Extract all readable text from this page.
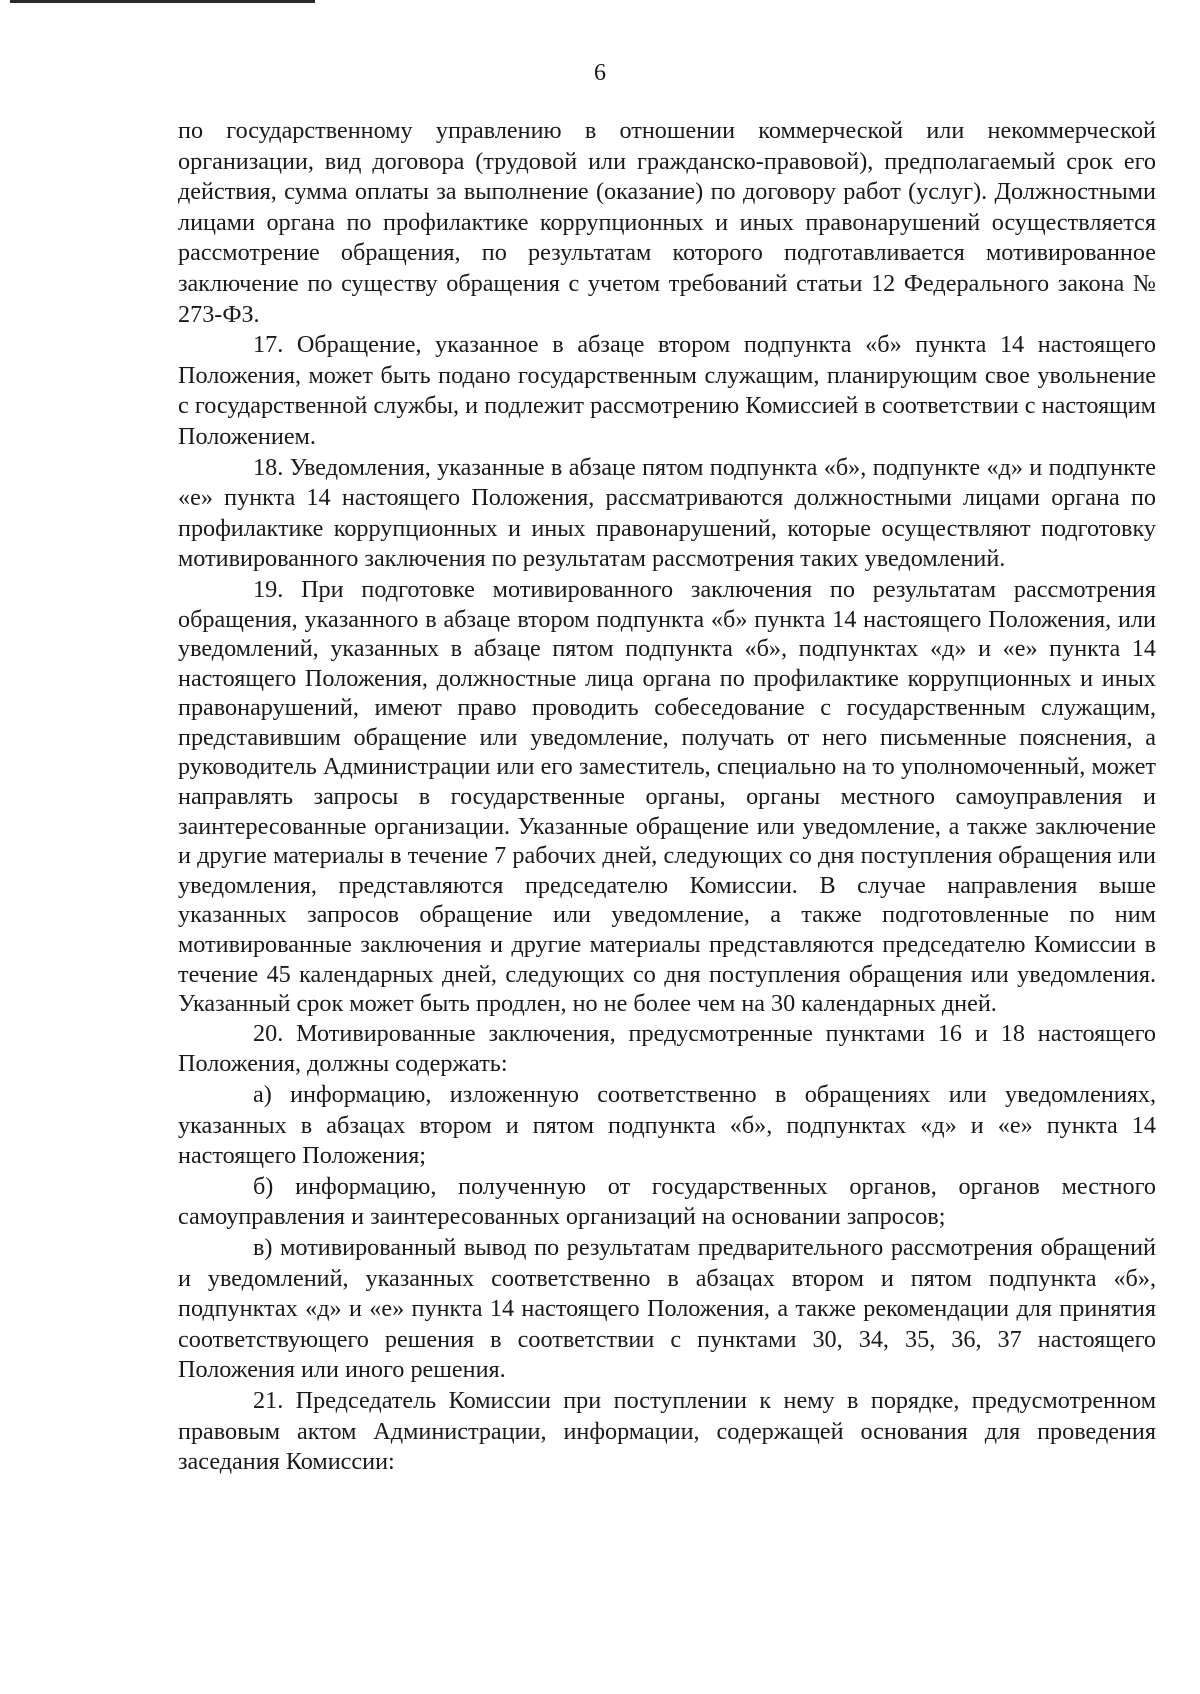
6

по государственному управлению в отношении коммерческой или некоммерческой организации, вид договора (трудовой или гражданско-правовой), предполагаемый срок его действия, сумма оплаты за выполнение (оказание) по договору работ (услуг). Должностными лицами органа по профилактике коррупционных и иных правонарушений осуществляется рассмотрение обращения, по результатам которого подготавливается мотивированное заключение по существу обращения с учетом требований статьи 12 Федерального закона № 273-ФЗ.

17. Обращение, указанное в абзаце втором подпункта «б» пункта 14 настоящего Положения, может быть подано государственным служащим, планирующим свое увольнение с государственной службы, и подлежит рассмотрению Комиссией в соответствии с настоящим Положением.

18. Уведомления, указанные в абзаце пятом подпункта «б», подпункте «д» и подпункте «е» пункта 14 настоящего Положения, рассматриваются должностными лицами органа по профилактике коррупционных и иных правонарушений, которые осуществляют подготовку мотивированного заключения по результатам рассмотрения таких уведомлений.

19. При подготовке мотивированного заключения по результатам рассмотрения обращения, указанного в абзаце втором подпункта «б» пункта 14 настоящего Положения, или уведомлений, указанных в абзаце пятом подпункта «б», подпунктах «д» и «е» пункта 14 настоящего Положения, должностные лица органа по профилактике коррупционных и иных правонарушений, имеют право проводить собеседование с государственным служащим, представившим обращение или уведомление, получать от него письменные пояснения, а руководитель Администрации или его заместитель, специально на то уполномоченный, может направлять запросы в государственные органы, органы местного самоуправления и заинтересованные организации. Указанные обращение или уведомление, а также заключение и другие материалы в течение 7 рабочих дней, следующих со дня поступления обращения или уведомления, представляются председателю Комиссии. В случае направления выше указанных запросов обращение или уведомление, а также подготовленные по ним мотивированные заключения и другие материалы представляются председателю Комиссии в течение 45 календарных дней, следующих со дня поступления обращения или уведомления. Указанный срок может быть продлен, но не более чем на 30 календарных дней.

20. Мотивированные заключения, предусмотренные пунктами 16 и 18 настоящего Положения, должны содержать:

а) информацию, изложенную соответственно в обращениях или уведомлениях, указанных в абзацах втором и пятом подпункта «б», подпунктах «д» и «е» пункта 14 настоящего Положения;

б) информацию, полученную от государственных органов, органов местного самоуправления и заинтересованных организаций на основании запросов;

в) мотивированный вывод по результатам предварительного рассмотрения обращений и уведомлений, указанных соответственно в абзацах втором и пятом подпункта «б», подпунктах «д» и «е» пункта 14 настоящего Положения, а также рекомендации для принятия соответствующего решения в соответствии с пунктами 30, 34, 35, 36, 37 настоящего Положения или иного решения.

21. Председатель Комиссии при поступлении к нему в порядке, предусмотренном правовым актом Администрации, информации, содержащей основания для проведения заседания Комиссии:
